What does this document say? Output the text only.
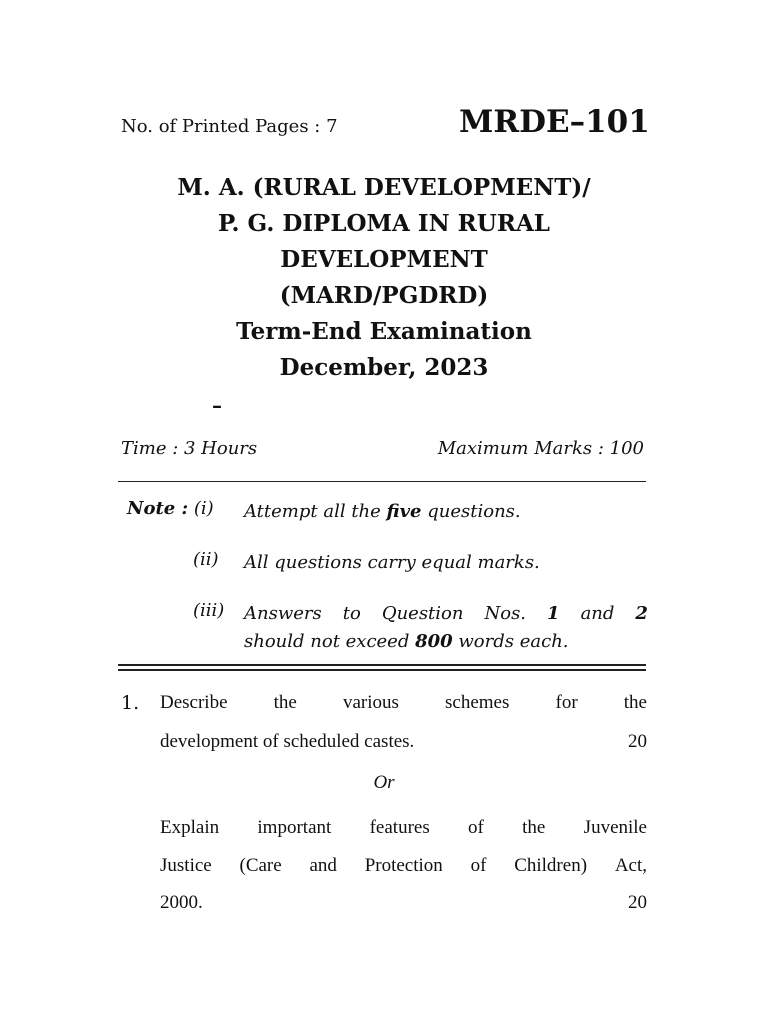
No. of Printed Pages : 7	MRDE–101
M. A. (RURAL DEVELOPMENT)/
P. G. DIPLOMA IN RURAL
DEVELOPMENT
(MARD/PGDRD)
Term-End Examination
December, 2023
–
Time : 3 Hours	Maximum Marks : 100
Note : (i) Attempt all the five questions.
(ii) All questions carry equal marks.
(iii) Answers to Question Nos. 1 and 2
should not exceed 800 words each.
1. Describe the various schemes for the
development of scheduled castes.	20
Or
Explain important features of the Juvenile
Justice (Care and Protection of Children) Act,
2000.	20
